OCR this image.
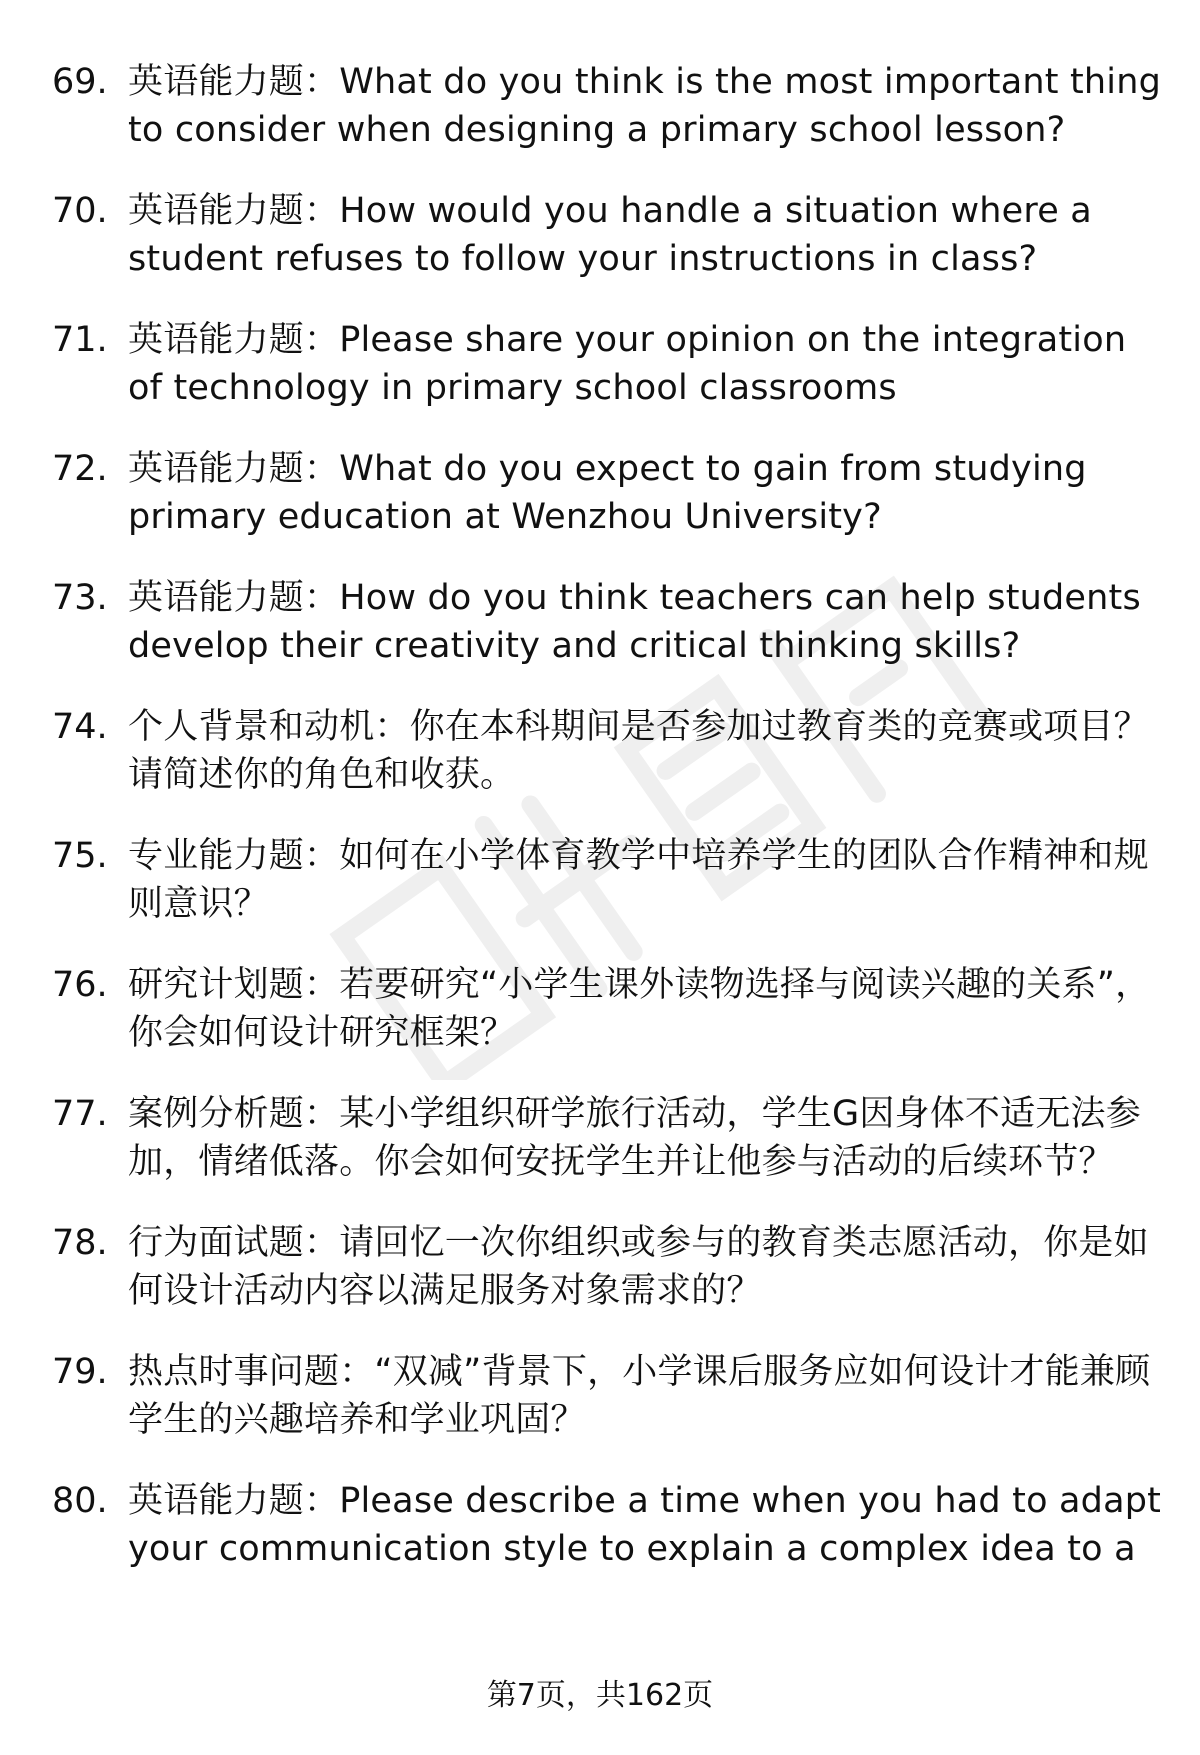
69. 英语能力题：What do you think is the most important thing to consider when designing a primary school lesson?
70. 英语能力题：How would you handle a situation where a student refuses to follow your instructions in class?
71. 英语能力题：Please share your opinion on the integration of technology in primary school classrooms
72. 英语能力题：What do you expect to gain from studying primary education at Wenzhou University?
73. 英语能力题：How do you think teachers can help students develop their creativity and critical thinking skills?
74. 个人背景和动机：你在本科期间是否参加过教育类的竞赛或项目？请简述你的角色和收获。
75. 专业能力题：如何在小学体育教学中培养学生的团队合作精神和规则意识？
76. 研究计划题：若要研究“小学生课外读物选择与阅读兴趣的关系”，你会如何设计研究框架？
77. 案例分析题：某小学组织研学旅行活动，学生G因身体不适无法参加，情绪低落。你会如何安抚学生并让他参与活动的后续环节？
78. 行为面试题：请回忆一次你组织或参与的教育类志愿活动，你是如何设计活动内容以满足服务对象需求的？
79. 热点时事问题：“双减”背景下，小学课后服务应如何设计才能兼顾学生的兴趣培养和学业巩固？
80. 英语能力题：Please describe a time when you had to adapt your communication style to explain a complex idea to a
第7页，共162页
